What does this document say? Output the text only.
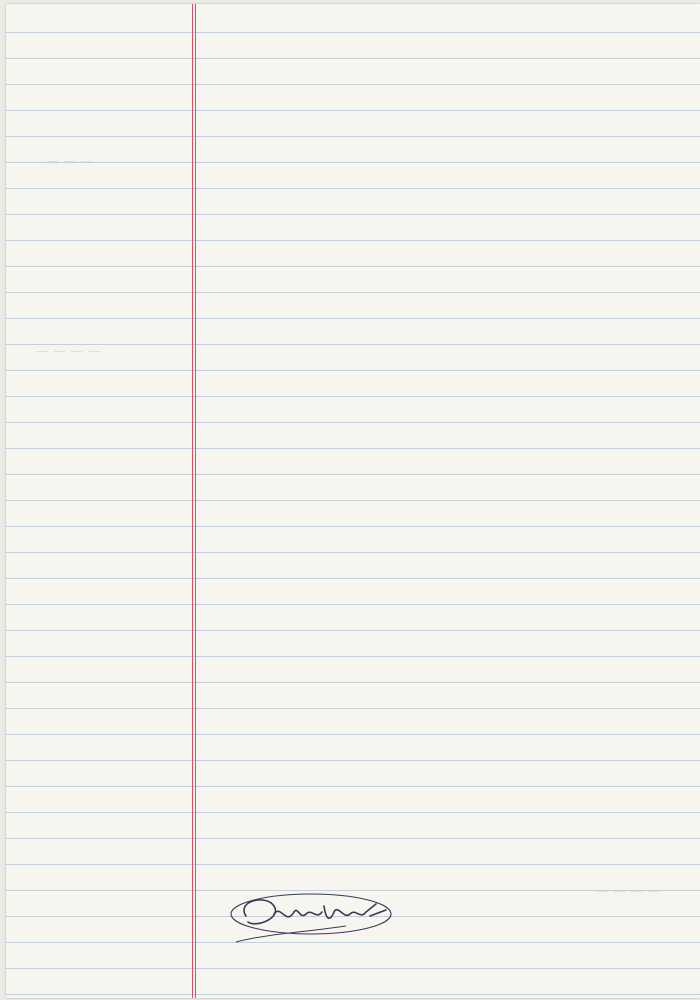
— — —
— — — —
— — — —
